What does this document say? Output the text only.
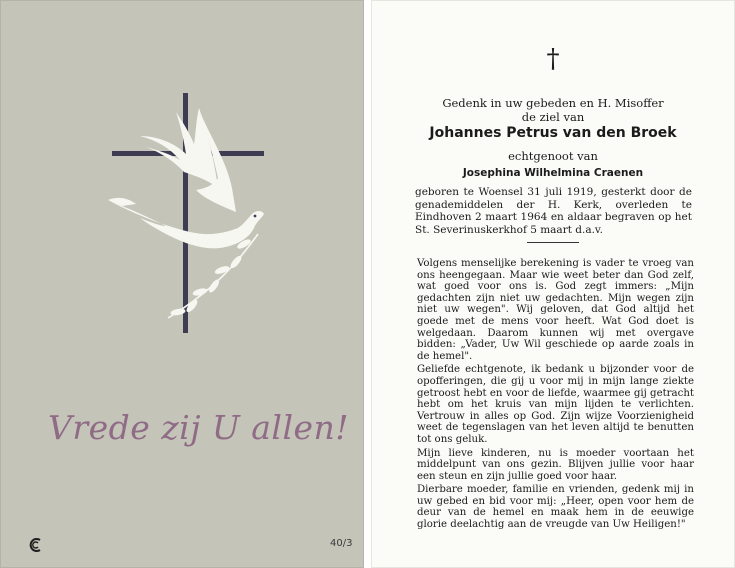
Vrede zij U allen!
40/3
†
Gedenk in uw gebeden en H. Misoffer
de ziel van
Johannes Petrus van den Broek
echtgenoot van
Josephina Wilhelmina Craenen
geboren te Woensel 31 juli 1919, gesterkt door de genademiddelen der H. Kerk, overleden te Eindhoven 2 maart 1964 en aldaar begraven op het St. Severinuskerkhof 5 maart d.a.v.

Volgens menselijke berekening is vader te vroeg van ons heengegaan. Maar wie weet beter dan God zelf, wat goed voor ons is. God zegt immers: „Mijn gedachten zijn niet uw gedachten. Mijn wegen zijn niet uw wegen". Wij geloven, dat God altijd het goede met de mens voor heeft. Wat God doet is welgedaan. Daarom kunnen wij met overgave bidden: „Vader, Uw Wil geschiede op aarde zoals in de hemel".

Geliefde echtgenote, ik bedank u bijzonder voor de opofferingen, die gij u voor mij in mijn lange ziekte getroost hebt en voor de liefde, waarmee gij getracht hebt om het kruis van mijn lijden te verlichten. Vertrouw in alles op God. Zijn wijze Voorzienigheid weet de tegenslagen van het leven altijd te benutten tot ons geluk.

Mijn lieve kinderen, nu is moeder voortaan het middelpunt van ons gezin. Blijven jullie voor haar een steun en zijn jullie goed voor haar.

Dierbare moeder, familie en vrienden, gedenk mij in uw gebed en bid voor mij: „Heer, open voor hem de deur van de hemel en maak hem in de eeuwige glorie deelachtig aan de vreugde van Uw Heiligen!"
